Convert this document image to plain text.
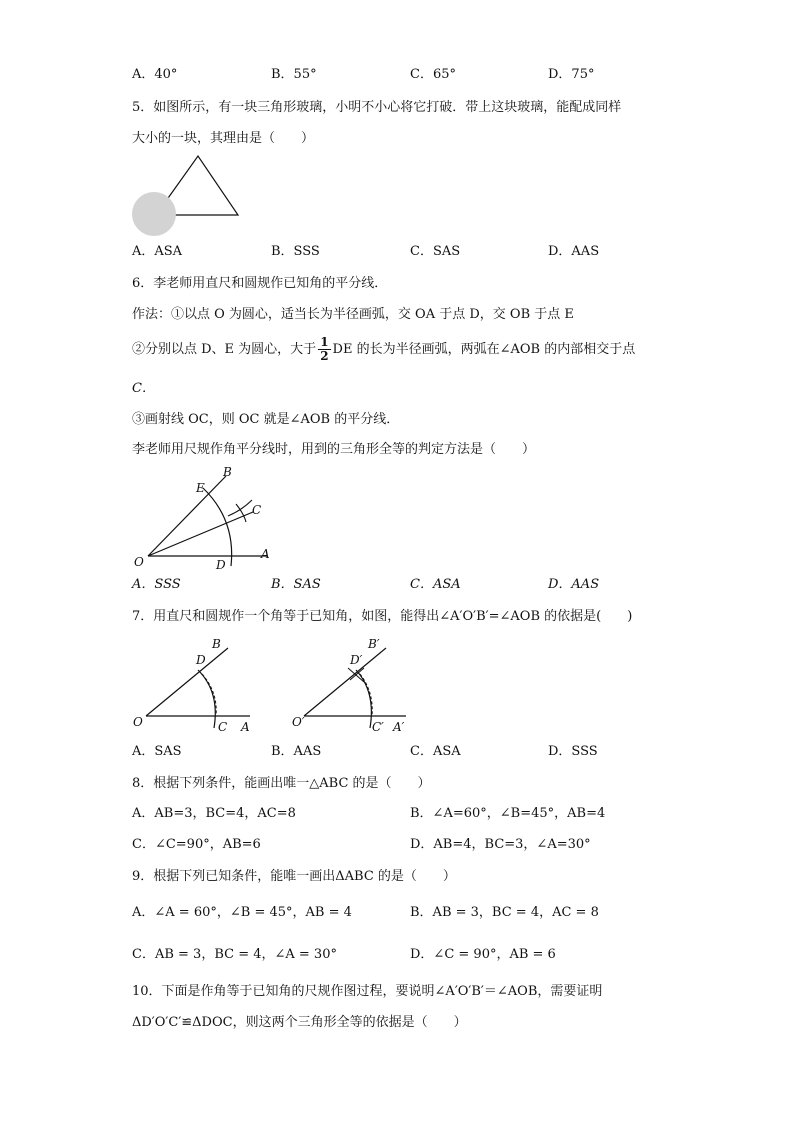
A．40°	B．55°	C．65°	D．75°
5．如图所示，有一块三角形玻璃，小明不小心将它打破．带上这块玻璃，能配成同样
大小的一块，其理由是（　　）
A．ASA	B．SSS	C．SAS	D．AAS
6．李老师用直尺和圆规作已知角的平分线．
作法：①以点 O 为圆心，适当长为半径画弧，交 OA 于点 D，交 OB 于点 E
②分别以点 D、E 为圆心，大于 $\frac{1}{2}$ DE 的长为半径画弧，两弧在∠AOB 的内部相交于点
C．
③画射线 OC，则 OC 就是∠AOB 的平分线．
李老师用尺规作角平分线时，用到的三角形全等的判定方法是（　　）
B
E
C
O	D
A
A．SSS	B．SAS	C．ASA	D．AAS
7．用直尺和圆规作一个角等于已知角，如图，能得出∠A′O′B′=∠AOB 的依据是(　　)
B
D
O	C A
B′
D′
O′	C′ A′
A．SAS	B．AAS	C．ASA	D．SSS
8．根据下列条件，能画出唯一△ABC 的是（　　）
A．AB=3，BC=4，AC=8	B．∠A=60°，∠B=45°，AB=4
C．∠C=90°，AB=6	D．AB=4，BC=3，∠A=30°
9．根据下列已知条件，能唯一画出ΔABC 的是（　　）
A．∠A = 60°，∠B = 45°，AB = 4	B．AB = 3，BC = 4，AC = 8
C．AB = 3，BC = 4，∠A = 30°	D．∠C = 90°，AB = 6
10．下面是作角等于已知角的尺规作图过程，要说明∠A′O′B′＝∠AOB，需要证明
ΔD′O′C′≌ΔDOC，则这两个三角形全等的依据是（　　）
